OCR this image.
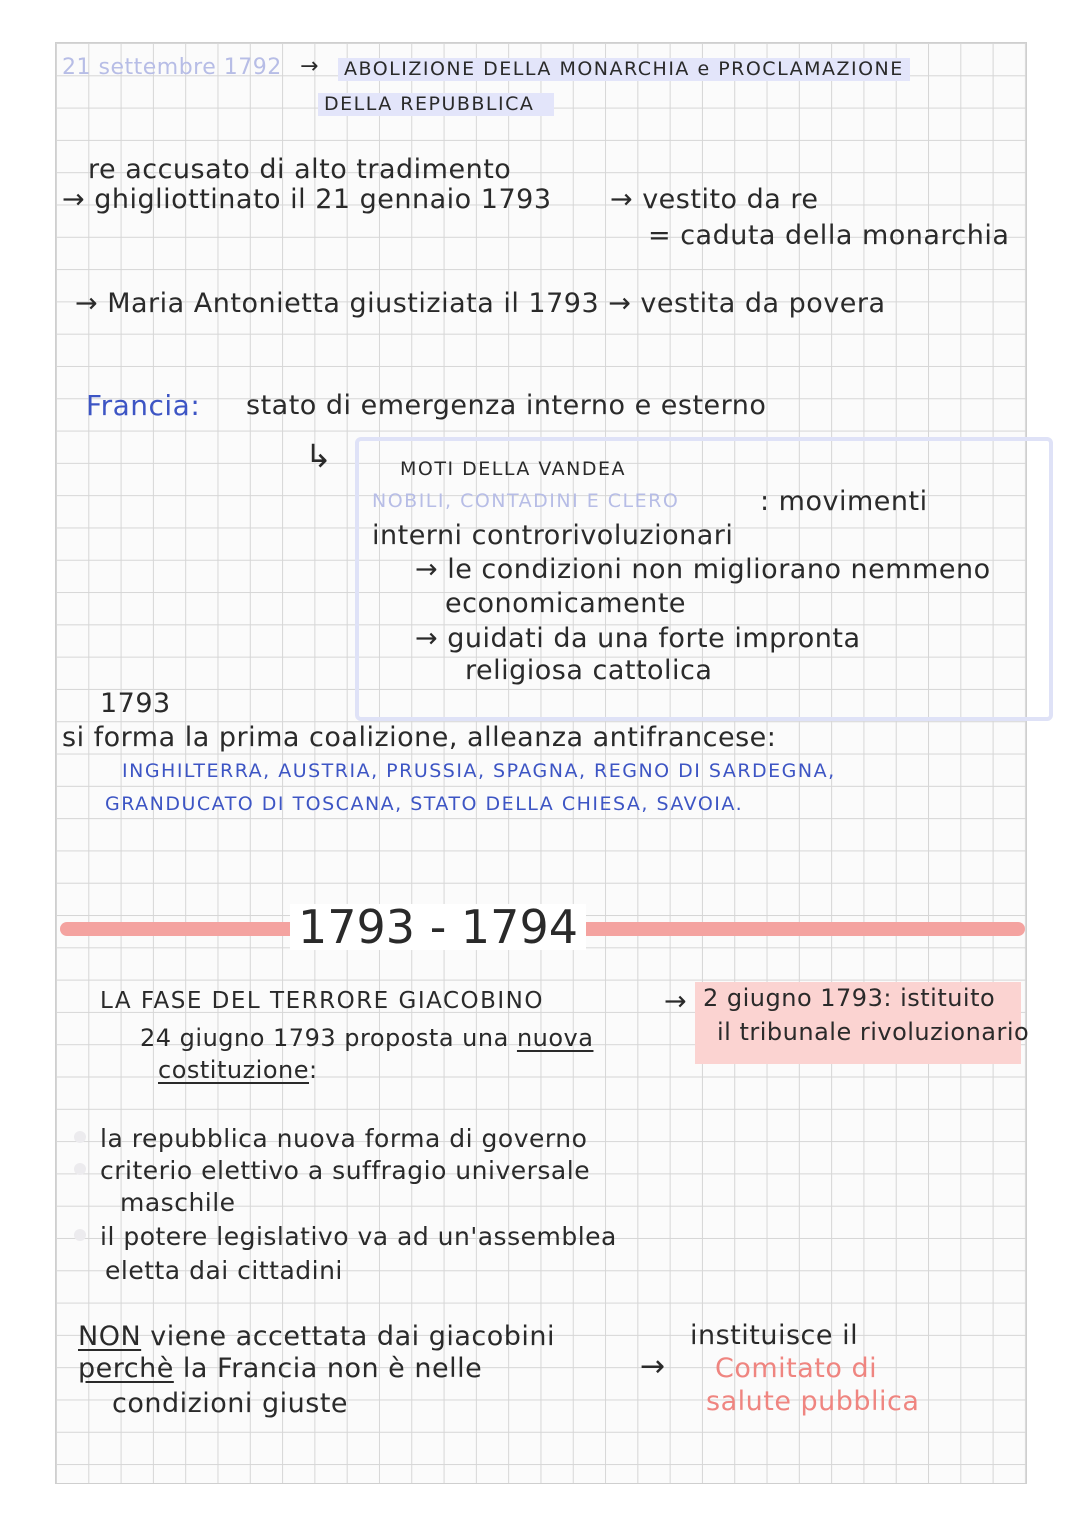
21 settembre 1792 →	ABOLIZIONE DELLA MONARCHIA e PROCLAMAZIONE
DELLA REPUBBLICA
re accusato di alto tradimento
→ ghigliottinato il 21 gennaio 1793 → vestito da re
= caduta della monarchia
→ Maria Antonietta giustiziata il 1793 → vestita da povera
Francia: stato di emergenza interno e esterno
↳	MOTI DELLA VANDEA
NOBILI, CONTADINI E CLERO	: movimenti
interni controrivoluzionari
→ le condizioni non migliorano nemmeno
economicamente
→ guidati da una forte impronta
religiosa cattolica
1793
si forma la prima coalizione, alleanza antifrancese:
INGHILTERRA, AUSTRIA, PRUSSIA, SPAGNA, REGNO DI SARDEGNA,
GRANDUCATO DI TOSCANA, STATO DELLA CHIESA, SAVOIA.
1793 - 1794
LA FASE DEL TERRORE GIACOBINO	→ 2 giugno 1793: istituito
il tribunale rivoluzionario
24 giugno 1793 proposta una nuova
costituzione:
la repubblica nuova forma di governo
criterio elettivo a suffragio universale
maschile
il potere legislativo va ad un'assemblea
eletta dai cittadini
NON viene accettata dai giacobini
perchè la Francia non è nelle
condizioni giuste
→
instituisce il
Comitato di
salute pubblica
